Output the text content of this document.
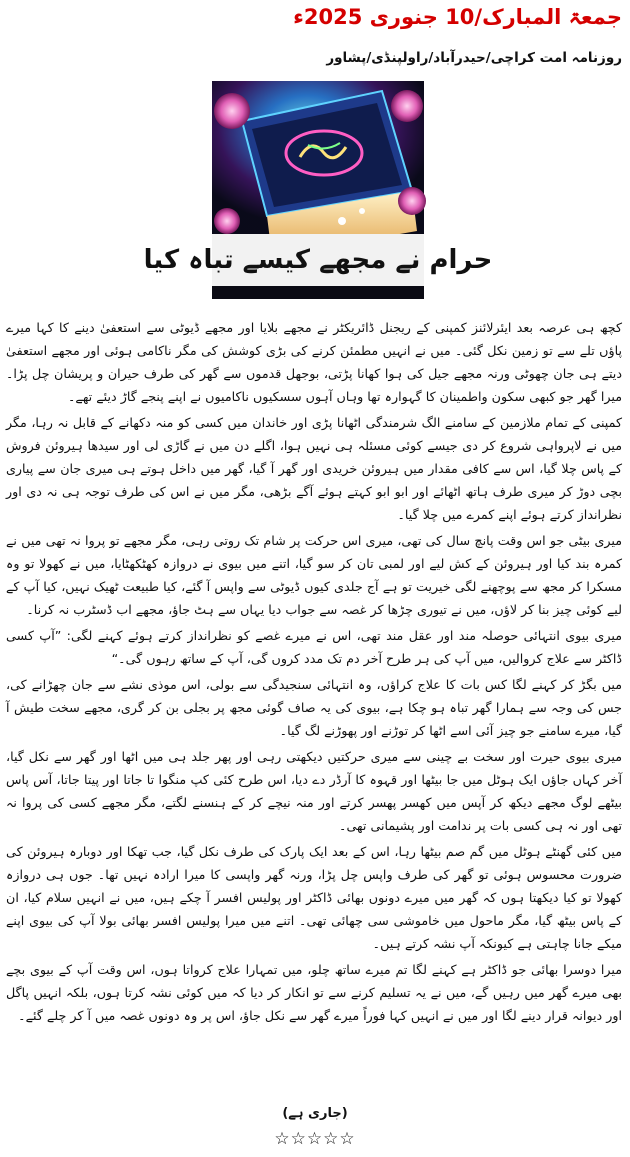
جمعۃ المبارک/10 جنوری 2025ء
روزنامہ امت کراچی/حیدرآباد/راولپنڈی/پشاور
حرام نے مجھے کیسے تباہ کیا

کچھ ہی عرصہ بعد ایئرلائنز کمپنی کے ریجنل ڈائریکٹر نے مجھے بلایا اور مجھے ڈیوٹی سے استعفیٰ دینے کا کہا میرے پاؤں تلے سے تو زمین نکل گئی۔ میں نے انہیں مطمئن کرنے کی بڑی کوشش کی مگر ناکامی ہوئی اور مجھے استعفیٰ دیتے ہی جان چھوٹی ورنہ مجھے جیل کی ہوا کھانا پڑتی، بوجھل قدموں سے گھر کی طرف حیران و پریشان چل پڑا۔ میرا گھر جو کبھی سکون واطمینان کا گہوارہ تھا وہاں آہوں سسکیوں ناکامیوں نے اپنے پنجے گاڑ دیئے تھے۔

کمپنی کے تمام ملازمین کے سامنے الگ شرمندگی اٹھانا پڑی اور خاندان میں کسی کو منہ دکھانے کے قابل نہ رہا، مگر میں نے لاپرواہی شروع کر دی جیسے کوئی مسئلہ ہی نہیں ہوا، اگلے دن میں نے گاڑی لی اور سیدھا ہیروئن فروش کے پاس چلا گیا، اس سے کافی مقدار میں ہیروئن خریدی اور گھر آ گیا، گھر میں داخل ہوتے ہی میری جان سے پیاری بچی دوڑ کر میری طرف ہاتھ اٹھائے اور ابو ابو کہتے ہوئے آگے بڑھی، مگر میں نے اس کی طرف توجہ ہی نہ دی اور نظرانداز کرتے ہوئے اپنے کمرے میں چلا گیا۔

میری بیٹی جو اس وقت پانچ سال کی تھی، میری اس حرکت پر شام تک روتی رہی، مگر مجھے تو پروا نہ تھی میں نے کمرہ بند کیا اور ہیروئن کے کش لیے اور لمبی تان کر سو گیا، اتنے میں بیوی نے دروازہ کھٹکھٹایا، میں نے کھولا تو وہ مسکرا کر مجھ سے پوچھنے لگی خیریت تو ہے آج جلدی کیوں ڈیوٹی سے واپس آ گئے، کیا طبیعت ٹھیک نہیں، کیا آپ کے لیے کوئی چیز بنا کر لاؤں، میں نے تیوری چڑھا کر غصہ سے جواب دیا یہاں سے ہٹ جاؤ، مجھے اب ڈسٹرب نہ کرنا۔

میری بیوی انتہائی حوصلہ مند اور عقل مند تھی، اس نے میرے غصے کو نظرانداز کرتے ہوئے کہنے لگی: ”آپ کسی ڈاکٹر سے علاج کروالیں، میں آپ کی ہر طرح آخر دم تک مدد کروں گی، آپ کے ساتھ رہوں گی۔“

میں بگڑ کر کہنے لگا کس بات کا علاج کراؤں، وہ انتہائی سنجیدگی سے بولی، اس موذی نشے سے جان چھڑانے کی، جس کی وجہ سے ہمارا گھر تباہ ہو چکا ہے، بیوی کی یہ صاف گوئی مجھ پر بجلی بن کر گری، مجھے سخت طیش آ گیا، میرے سامنے جو چیز آئی اسے اٹھا کر توڑنے اور پھوڑنے لگ گیا۔

میری بیوی حیرت اور سخت بے چینی سے میری حرکتیں دیکھتی رہی اور پھر جلد ہی میں اٹھا اور گھر سے نکل گیا، آخر کہاں جاؤں ایک ہوٹل میں جا بیٹھا اور قہوہ کا آرڈر دے دیا، اس طرح کئی کپ منگوا تا جاتا اور پیتا جاتا، آس پاس بیٹھے لوگ مجھے دیکھ کر آپس میں کھسر پھسر کرتے اور منہ نیچے کر کے ہنسنے لگتے، مگر مجھے کسی کی پروا نہ تھی اور نہ ہی کسی بات پر ندامت اور پشیمانی تھی۔

میں کئی گھنٹے ہوٹل میں گم صم بیٹھا رہا، اس کے بعد ایک پارک کی طرف نکل گیا، جب تھکا اور دوبارہ ہیروئن کی ضرورت محسوس ہوئی تو گھر کی طرف واپس چل پڑا، ورنہ گھر واپسی کا میرا ارادہ نہیں تھا۔ جوں ہی دروازہ کھولا تو کیا دیکھتا ہوں کہ گھر میں میرے دونوں بھائی ڈاکٹر اور پولیس افسر آ چکے ہیں، میں نے انہیں سلام کیا، ان کے پاس بیٹھ گیا، مگر ماحول میں خاموشی سی چھائی تھی۔ اتنے میں میرا پولیس افسر بھائی بولا آپ کی بیوی اپنے میکے جانا چاہتی ہے کیونکہ آپ نشہ کرتے ہیں۔

میرا دوسرا بھائی جو ڈاکٹر ہے کہنے لگا تم میرے ساتھ چلو، میں تمہارا علاج کرواتا ہوں، اس وقت آپ کے بیوی بچے بھی میرے گھر میں رہیں گے، میں نے یہ تسلیم کرنے سے تو انکار کر دیا کہ میں کوئی نشہ کرتا ہوں، بلکہ انہیں پاگل اور دیوانہ قرار دینے لگا اور میں نے انہیں کہا فوراً میرے گھر سے نکل جاؤ، اس پر وہ دونوں غصہ میں آ کر چلے گئے۔

(جاری ہے)
☆☆☆☆☆
